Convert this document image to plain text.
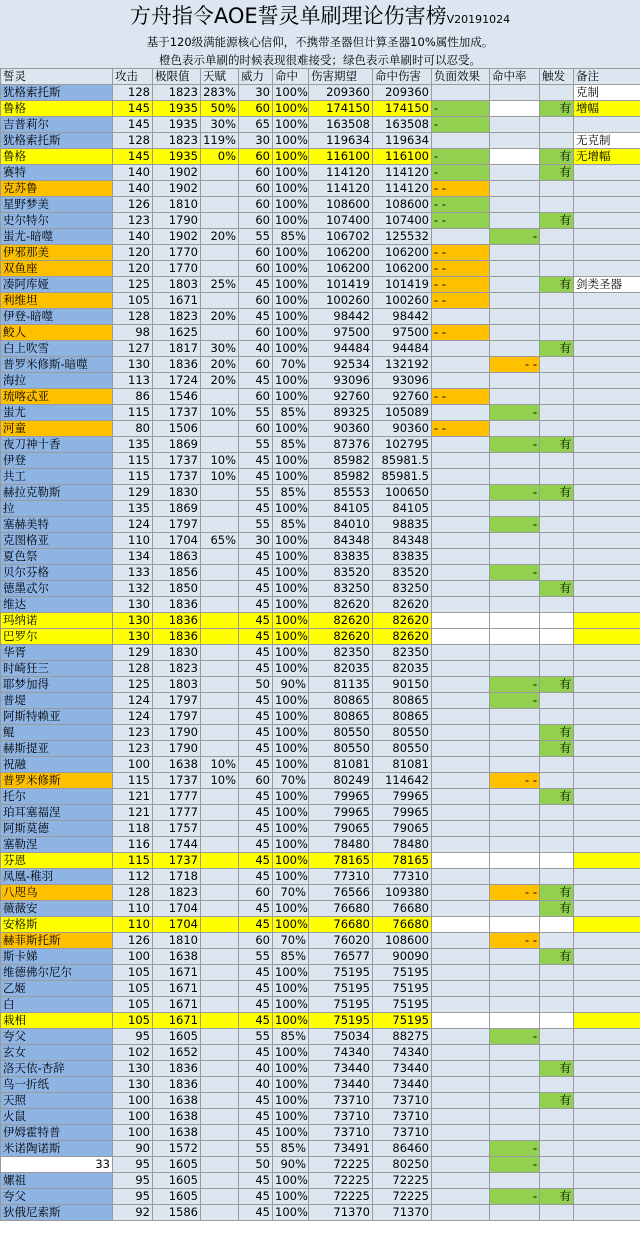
方舟指令AOE誓灵单刷理论伤害榜V20191024
基于120级满能源核心信仰，不携带圣器但计算圣器10%属性加成。
橙色表示单刷的时候表现很难接受；绿色表示单刷时可以忍受。
誓灵	攻击	极限值	天赋	威力	命中	伤害期望	命中伤害	负面效果	命中率	触发	备注
犹格索托斯	128	1823	283%	30	100%	209360	209360				克制
鲁格	145	1935	50%	60	100%	174150	174150	-		有	增幅
吉普莉尔	145	1935	30%	65	100%	163508	163508	-			
犹格索托斯	128	1823	119%	30	100%	119634	119634				无克制
鲁格	145	1935	0%	60	100%	116100	116100	-		有	无增幅
赛特	140	1902		60	100%	114120	114120	-		有	
克苏鲁	140	1902		60	100%	114120	114120	- -			
星野梦美	126	1810		60	100%	108600	108600	- -			
史尔特尔	123	1790		60	100%	107400	107400	- -		有	
蚩尤-暗噬	140	1902	20%	55	85%	106702	125532		-		
伊邪那美	120	1770		60	100%	106200	106200	- -			
双鱼座	120	1770		60	100%	106200	106200	- -			
凑阿库娅	125	1803	25%	45	100%	101419	101419	- -		有	剑类圣器
利维坦	105	1671		60	100%	100260	100260	- -			
伊登-暗噬	128	1823	20%	45	100%	98442	98442				
鲛人	98	1625		60	100%	97500	97500	- -			
白上吹雪	127	1817	30%	40	100%	94484	94484			有	
普罗米修斯-暗噬	130	1836	20%	60	70%	92534	132192		- -		
海拉	113	1724	20%	45	100%	93096	93096				
琉喀忒亚	86	1546		60	100%	92760	92760	- -			
蚩尤	115	1737	10%	55	85%	89325	105089		-		
河童	80	1506		60	100%	90360	90360	- -			
夜刀神十香	135	1869		55	85%	87376	102795		-	有	
伊登	115	1737	10%	45	100%	85982	85981.5				
共工	115	1737	10%	45	100%	85982	85981.5				
赫拉克勒斯	129	1830		55	85%	85553	100650		-	有	
拉	135	1869		45	100%	84105	84105				
塞赫美特	124	1797		55	85%	84010	98835		-		
克图格亚	110	1704	65%	30	100%	84348	84348				
夏色祭	134	1863		45	100%	83835	83835				
贝尔芬格	133	1856		45	100%	83520	83520		-		
德墨忒尔	132	1850		45	100%	83250	83250			有	
维达	130	1836		45	100%	82620	82620				
玛纳诺	130	1836		45	100%	82620	82620				
巴罗尔	130	1836		45	100%	82620	82620				
华胥	129	1830		45	100%	82350	82350				
时崎狂三	128	1823		45	100%	82035	82035				
耶梦加得	125	1803		50	90%	81135	90150		-	有	
普堤	124	1797		45	100%	80865	80865		-		
阿斯特赖亚	124	1797		45	100%	80865	80865				
鲲	123	1790		45	100%	80550	80550			有	
赫斯提亚	123	1790		45	100%	80550	80550			有	
祝融	100	1638	10%	45	100%	81081	81081				
普罗米修斯	115	1737	10%	60	70%	80249	114642		- -		
托尔	121	1777		45	100%	79965	79965			有	
珀耳塞福涅	121	1777		45	100%	79965	79965				
阿斯莫德	118	1757		45	100%	79065	79065				
塞勒涅	116	1744		45	100%	78480	78480				
芬恩	115	1737		45	100%	78165	78165				
凤凰-稚羽	112	1718		45	100%	77310	77310				
八咫乌	128	1823		60	70%	76566	109380		- -	有	
薇薇安	110	1704		45	100%	76680	76680			有	
安格斯	110	1704		45	100%	76680	76680				
赫菲斯托斯	126	1810		60	70%	76020	108600		- -		
斯卡娣	100	1638		55	85%	76577	90090			有	
维德佛尔尼尔	105	1671		45	100%	75195	75195				
乙姬	105	1671		45	100%	75195	75195				
白	105	1671		45	100%	75195	75195				
栽相	105	1671		45	100%	75195	75195				
夸父	95	1605		55	85%	75034	88275		-		
玄女	102	1652		45	100%	74340	74340				
洛天依-杏辞	130	1836		40	100%	73440	73440			有	
鸟一折纸	130	1836		40	100%	73440	73440				
天照	100	1638		45	100%	73710	73710			有	
火鼠	100	1638		45	100%	73710	73710				
伊姆霍特普	100	1638		45	100%	73710	73710				
米诺陶诺斯	90	1572		55	85%	73491	86460		-		
33	95	1605		50	90%	72225	80250		-		
嫘祖	95	1605		45	100%	72225	72225				
夸父	95	1605		45	100%	72225	72225		-	有	
狄俄尼索斯	92	1586		45	100%	71370	71370				
